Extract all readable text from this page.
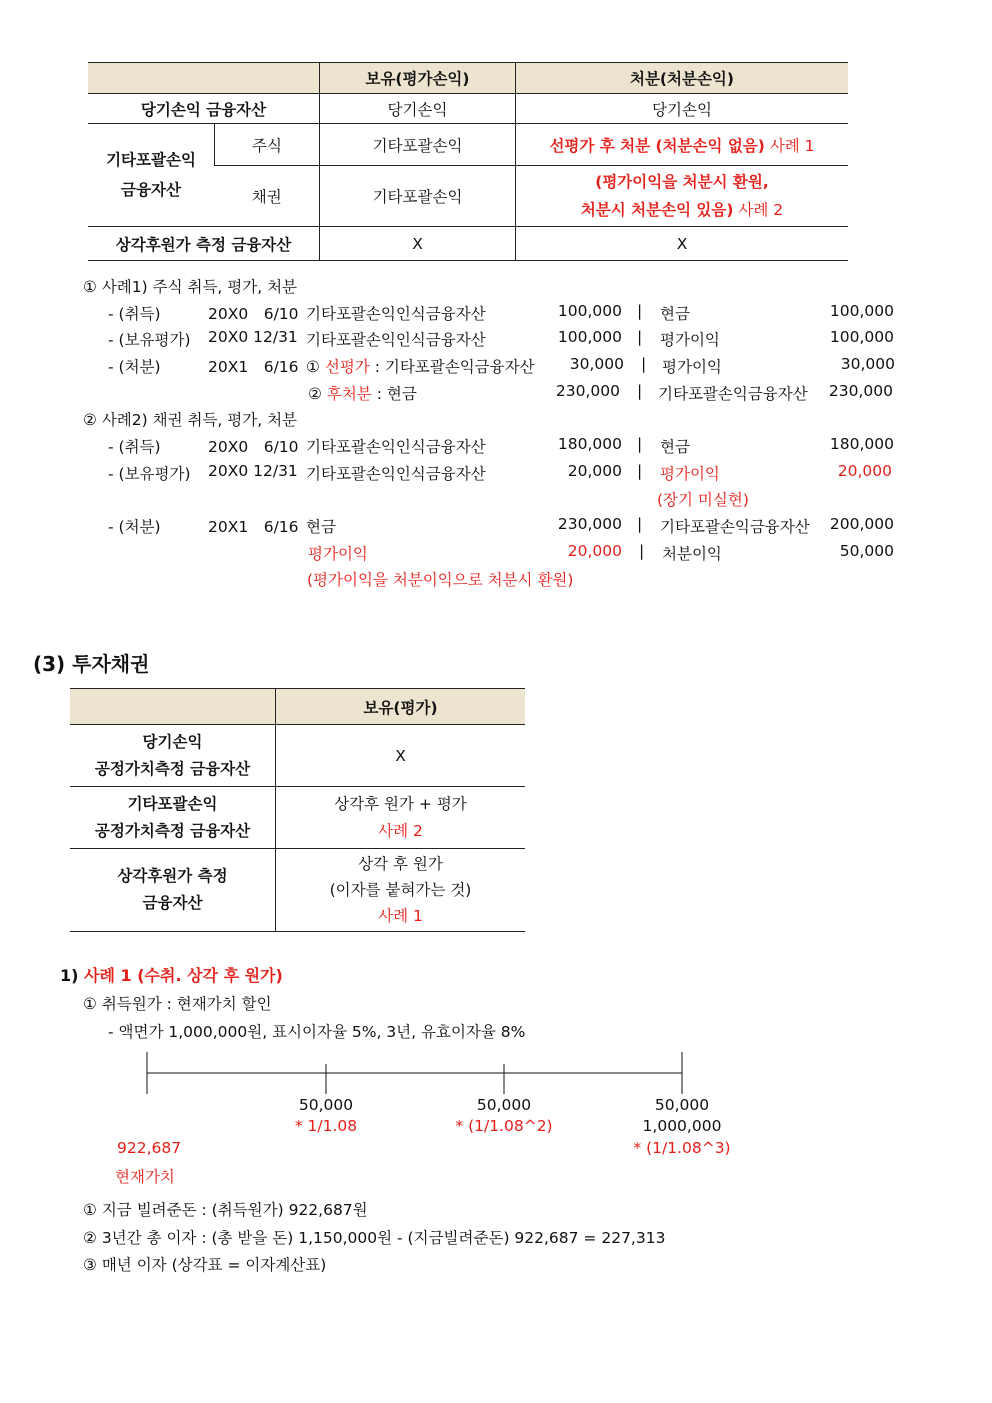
		보유(평가손익)	처분(처분손익)
당기손익 금융자산		당기손익	당기손익
기타포괄손익
금융자산	주식	기타포괄손익	선평가 후 처분 (처분손익 없음) 사례 1
	채권	기타포괄손익	(평가이익을 처분시 환원,
처분시 처분손익 있음) 사례 2
상각후원가 측정 금융자산		X	X
① 사례1) 주식 취득, 평가, 처분
- (취득)	20X0　6/10 기타포괄손익인식금융자산	100,000 | 현금	100,000
- (보유평가) 20X0 12/31 기타포괄손익인식금융자산	100,000 | 평가이익	100,000
- (처분)	20X1　6/16 ① 선평가 : 기타포괄손익금융자산 30,000 | 평가이익	30,000
② 후처분 : 현금	230,000 | 기타포괄손익금융자산 230,000
② 사례2) 채권 취득, 평가, 처분
- (취득)	20X0　6/10 기타포괄손익인식금융자산	180,000 | 현금	180,000
- (보유평가) 20X0 12/31 기타포괄손익인식금융자산	20,000 | 평가이익	20,000
(장기 미실현)
- (처분)	20X1　6/16 현금	230,000 | 기타포괄손익금융자산 200,000
평가이익	20,000 | 처분이익	50,000
(평가이익을 처분이익으로 처분시 환원)
(3) 투자채권
	보유(평가)
당기손익
공정가치측정 금융자산	X
기타포괄손익
공정가치측정 금융자산	상각후 원가 + 평가
사례 2
상각후원가 측정
금융자산	상각 후 원가
(이자를 붙혀가는 것)
사례 1
1) 사례 1 (수취. 상각 후 원가)
① 취득원가 : 현재가치 할인
- 액면가 1,000,000원, 표시이자율 5%, 3년, 유효이자율 8%
50,000
* 1/1.08
50,000
* (1/1.08^2)
50,000
1,000,000
* (1/1.08^3)
922,687
현재가치
① 지금 빌려준돈 : (취득원가) 922,687원
② 3년간 총 이자 : (총 받을 돈) 1,150,000원 - (지금빌려준돈) 922,687 = 227,313
③ 매년 이자 (상각표 = 이자계산표)
